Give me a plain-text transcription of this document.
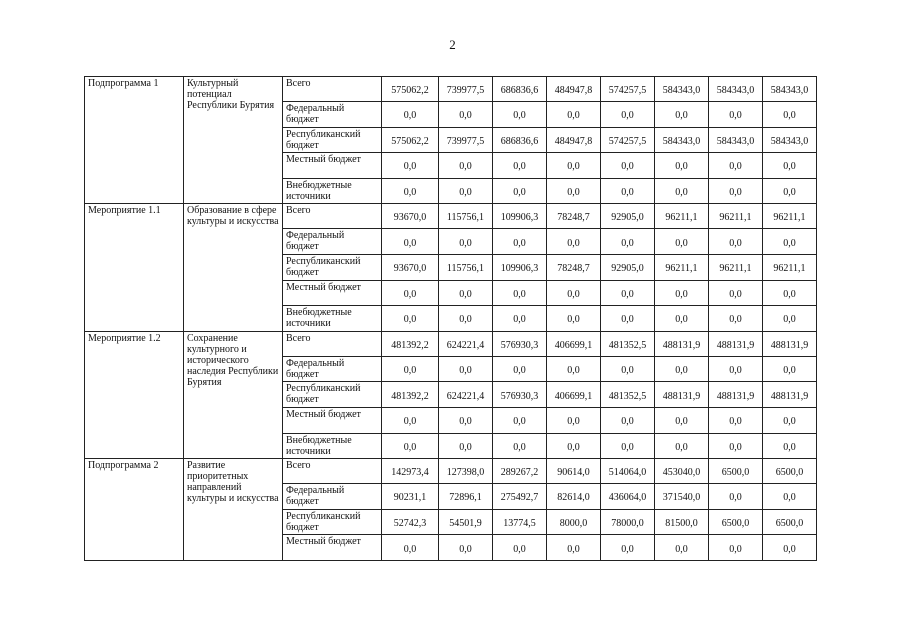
2
Подпрограмма 1	Культурный потенциал Республики Бурятия	Всего	575062,2	739977,5	686836,6	484947,8	574257,5	584343,0	584343,0	584343,0
		Федеральный бюджет	0,0	0,0	0,0	0,0	0,0	0,0	0,0	0,0
		Республиканский бюджет	575062,2	739977,5	686836,6	484947,8	574257,5	584343,0	584343,0	584343,0
		Местный бюджет	0,0	0,0	0,0	0,0	0,0	0,0	0,0	0,0
		Внебюджетные источники	0,0	0,0	0,0	0,0	0,0	0,0	0,0	0,0
Мероприятие 1.1	Образование в сфере культуры и искусства	Всего	93670,0	115756,1	109906,3	78248,7	92905,0	96211,1	96211,1	96211,1
		Федеральный бюджет	0,0	0,0	0,0	0,0	0,0	0,0	0,0	0,0
		Республиканский бюджет	93670,0	115756,1	109906,3	78248,7	92905,0	96211,1	96211,1	96211,1
		Местный бюджет	0,0	0,0	0,0	0,0	0,0	0,0	0,0	0,0
		Внебюджетные источники	0,0	0,0	0,0	0,0	0,0	0,0	0,0	0,0
Мероприятие 1.2	Сохранение культурного и исторического наследия Республики Бурятия	Всего	481392,2	624221,4	576930,3	406699,1	481352,5	488131,9	488131,9	488131,9
		Федеральный бюджет	0,0	0,0	0,0	0,0	0,0	0,0	0,0	0,0
		Республиканский бюджет	481392,2	624221,4	576930,3	406699,1	481352,5	488131,9	488131,9	488131,9
		Местный бюджет	0,0	0,0	0,0	0,0	0,0	0,0	0,0	0,0
		Внебюджетные источники	0,0	0,0	0,0	0,0	0,0	0,0	0,0	0,0
Подпрограмма 2	Развитие приоритетных направлений культуры и искусства	Всего	142973,4	127398,0	289267,2	90614,0	514064,0	453040,0	6500,0	6500,0
		Федеральный бюджет	90231,1	72896,1	275492,7	82614,0	436064,0	371540,0	0,0	0,0
		Республиканский бюджет	52742,3	54501,9	13774,5	8000,0	78000,0	81500,0	6500,0	6500,0
		Местный бюджет	0,0	0,0	0,0	0,0	0,0	0,0	0,0	0,0
